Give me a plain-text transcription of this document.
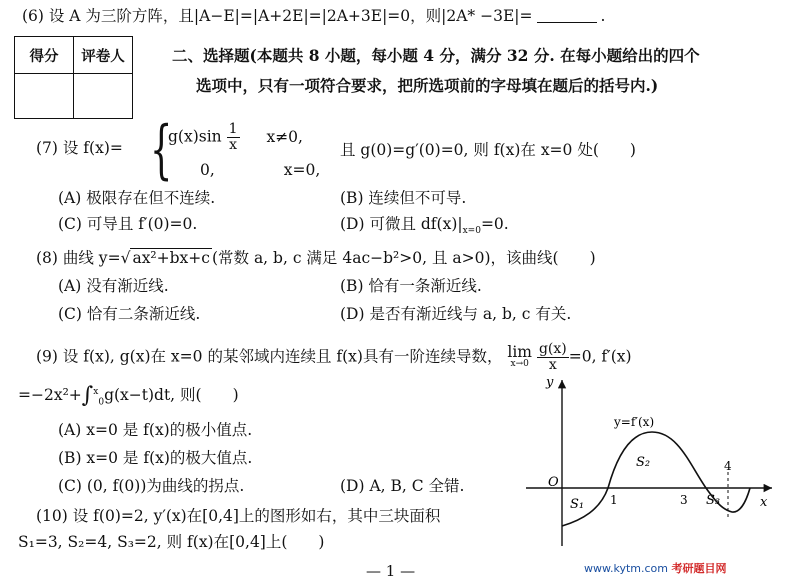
(6) 设 A 为三阶方阵，且|A−E|=|A+2E|=|2A+3E|=0，则|2A* −3E|=	.
得分	评卷人
		二、选择题(本题共 8 小题，每小题 4 分，满分 32 分. 在每小题给出的四个
选项中，只有一项符合要求，把所选项前的字母填在题后的括号内.)
(7) 设 f(x)= {
$g(x)\sin \frac{1}{x} x\ne 0$,
0,	x=0,
且 g(0)=g′(0)=0, 则 f(x)在 x=0 处(　　)
(A) 极限存在但不连续.	(B) 连续但不可导.
(C) 可导且 f′(0)=0.	(D) 可微且 $df(x)|_{x=0}=0$.
(8) 曲线 y=√ ax²+bx+c (常数 a, b, c 满足 4ac−b²>0, 且 a>0)，该曲线(　　)
(A) 没有渐近线.	(B) 恰有一条渐近线.
(C) 恰有二条渐近线.	(D) 是否有渐近线与 a, b, c 有关.
(9) 设 f(x), g(x)在 x=0 的某邻域内连续且 f(x)具有一阶连续导数， lim
x→0
$\frac{g(x)}{x} =0$, f′(x)
=−2x²+∫$^x_0$g(x−t)dt, 则(　　)
(A) x=0 是 f(x)的极小值点.
(B) x=0 是 f(x)的极大值点.
(C) (0, f(0))为曲线的拐点.	(D) A, B, C 全错.
(10) 设 f(0)=2, y′(x)在[0,4]上的图形如右，其中三块面积
S₁=3, S₂=4, S₃=2, 则 f(x)在[0,4]上(　　)
y
x
O
y=f′(x)
1	3
4
S₁
S₂
S₃
— 1 —	www.kytm.com 考研题目网
